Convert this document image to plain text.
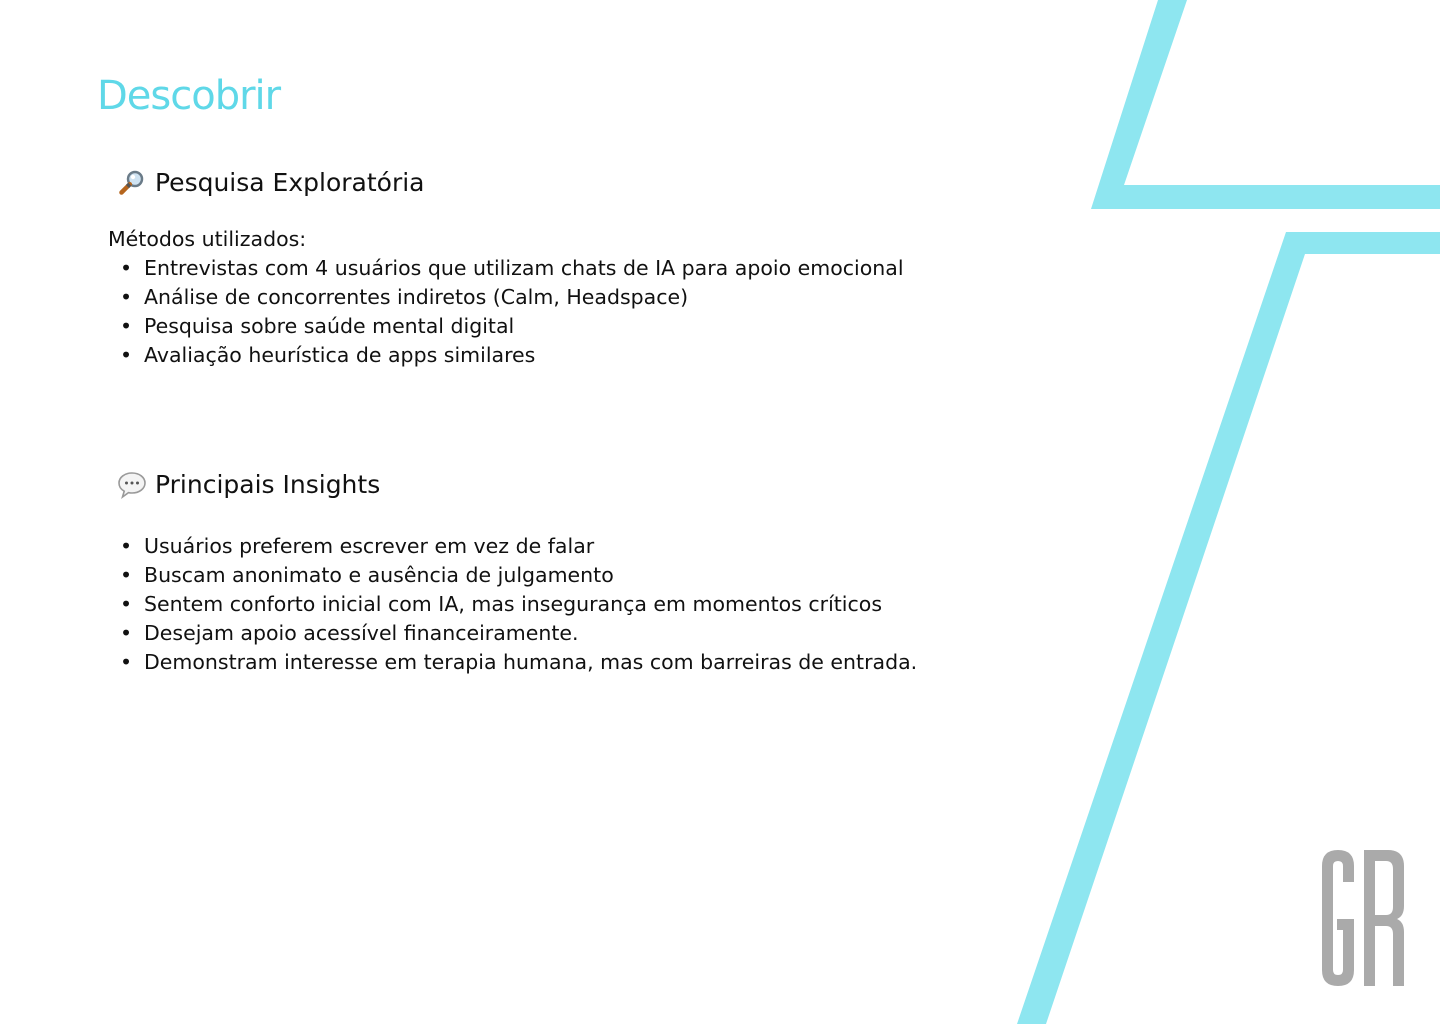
Descobrir
Pesquisa Exploratória
Métodos utilizados:
• Entrevistas com 4 usuários que utilizam chats de IA para apoio emocional
• Análise de concorrentes indiretos (Calm, Headspace)
• Pesquisa sobre saúde mental digital
• Avaliação heurística de apps similares
Principais Insights
• Usuários preferem escrever em vez de falar
• Buscam anonimato e ausência de julgamento
• Sentem conforto inicial com IA, mas insegurança em momentos críticos
• Desejam apoio acessível financeiramente.
• Demonstram interesse em terapia humana, mas com barreiras de entrada.
